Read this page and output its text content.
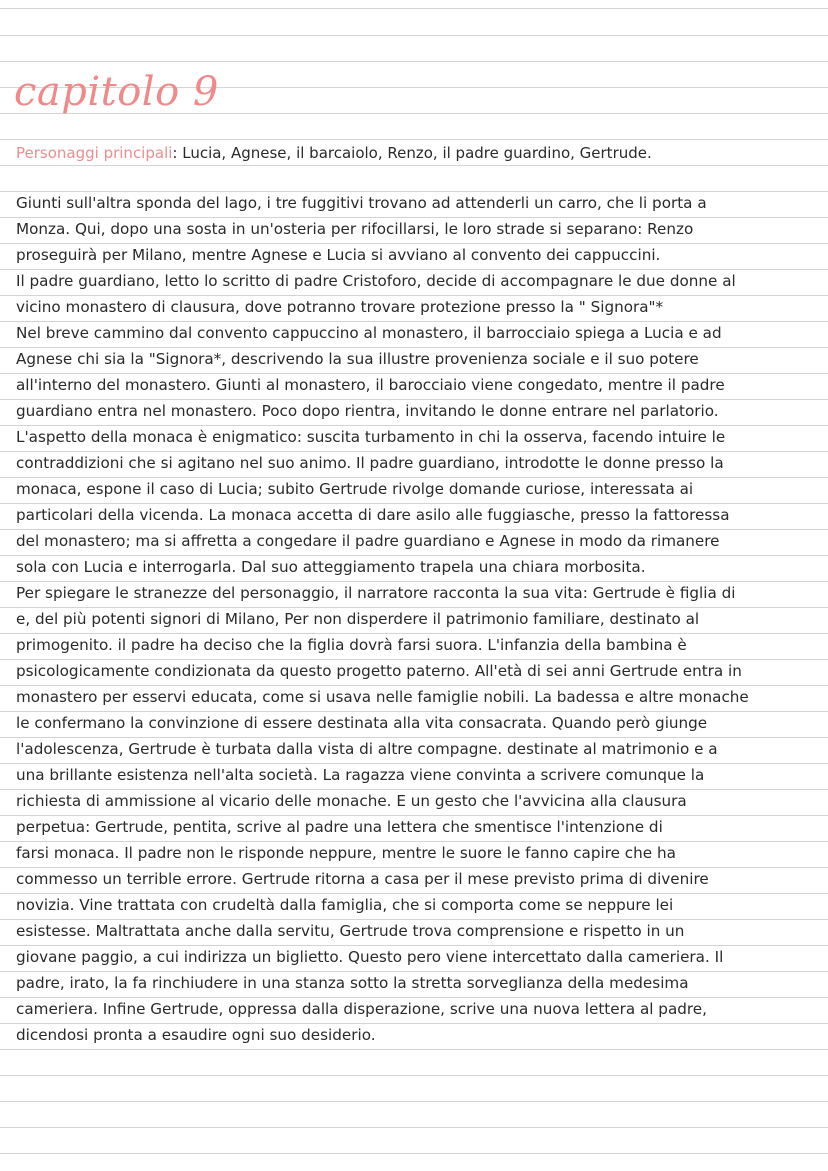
capitolo 9
Personaggi principali: Lucia, Agnese, il barcaiolo, Renzo, il padre guardino, Gertrude.
Giunti sull'altra sponda del lago, i tre fuggitivi trovano ad attenderli un carro, che li porta a
Monza. Qui, dopo una sosta in un'osteria per rifocillarsi, le loro strade si separano: Renzo
proseguirà per Milano, mentre Agnese e Lucia si avviano al convento dei cappuccini.
Il padre guardiano, letto lo scritto di padre Cristoforo, decide di accompagnare le due donne al
vicino monastero di clausura, dove potranno trovare protezione presso la " Signora"*
Nel breve cammino dal convento cappuccino al monastero, il barrocciaio spiega a Lucia e ad
Agnese chi sia la "Signora*, descrivendo la sua illustre provenienza sociale e il suo potere
all'interno del monastero. Giunti al monastero, il barocciaio viene congedato, mentre il padre
guardiano entra nel monastero. Poco dopo rientra, invitando le donne entrare nel parlatorio.
L'aspetto della monaca è enigmatico: suscita turbamento in chi la osserva, facendo intuire le
contraddizioni che si agitano nel suo animo. Il padre guardiano, introdotte le donne presso la
monaca, espone il caso di Lucia; subito Gertrude rivolge domande curiose, interessata ai
particolari della vicenda. La monaca accetta di dare asilo alle fuggiasche, presso la fattoressa
del monastero; ma si affretta a congedare il padre guardiano e Agnese in modo da rimanere
sola con Lucia e interrogarla. Dal suo atteggiamento trapela una chiara morbosita.
Per spiegare le stranezze del personaggio, il narratore racconta la sua vita: Gertrude è figlia di
e, del più potenti signori di Milano, Per non disperdere il patrimonio familiare, destinato al
primogenito. il padre ha deciso che la figlia dovrà farsi suora. L'infanzia della bambina è
psicologicamente condizionata da questo progetto paterno. All'età di sei anni Gertrude entra in
monastero per esservi educata, come si usava nelle famiglie nobili. La badessa e altre monache
le confermano la convinzione di essere destinata alla vita consacrata. Quando però giunge
l'adolescenza, Gertrude è turbata dalla vista di altre compagne. destinate al matrimonio e a
una brillante esistenza nell'alta società. La ragazza viene convinta a scrivere comunque la
richiesta di ammissione al vicario delle monache. E un gesto che l'avvicina alla clausura
perpetua: Gertrude, pentita, scrive al padre una lettera che smentisce l'intenzione di
farsi monaca. Il padre non le risponde neppure, mentre le suore le fanno capire che ha
commesso un terrible errore. Gertrude ritorna a casa per il mese previsto prima di divenire
novizia. Vine trattata con crudeltà dalla famiglia, che si comporta come se neppure lei
esistesse. Maltrattata anche dalla servitu, Gertrude trova comprensione e rispetto in un
giovane paggio, a cui indirizza un biglietto. Questo pero viene intercettato dalla cameriera. Il
padre, irato, la fa rinchiudere in una stanza sotto la stretta sorveglianza della medesima
cameriera. Infine Gertrude, oppressa dalla disperazione, scrive una nuova lettera al padre,
dicendosi pronta a esaudire ogni suo desiderio.
